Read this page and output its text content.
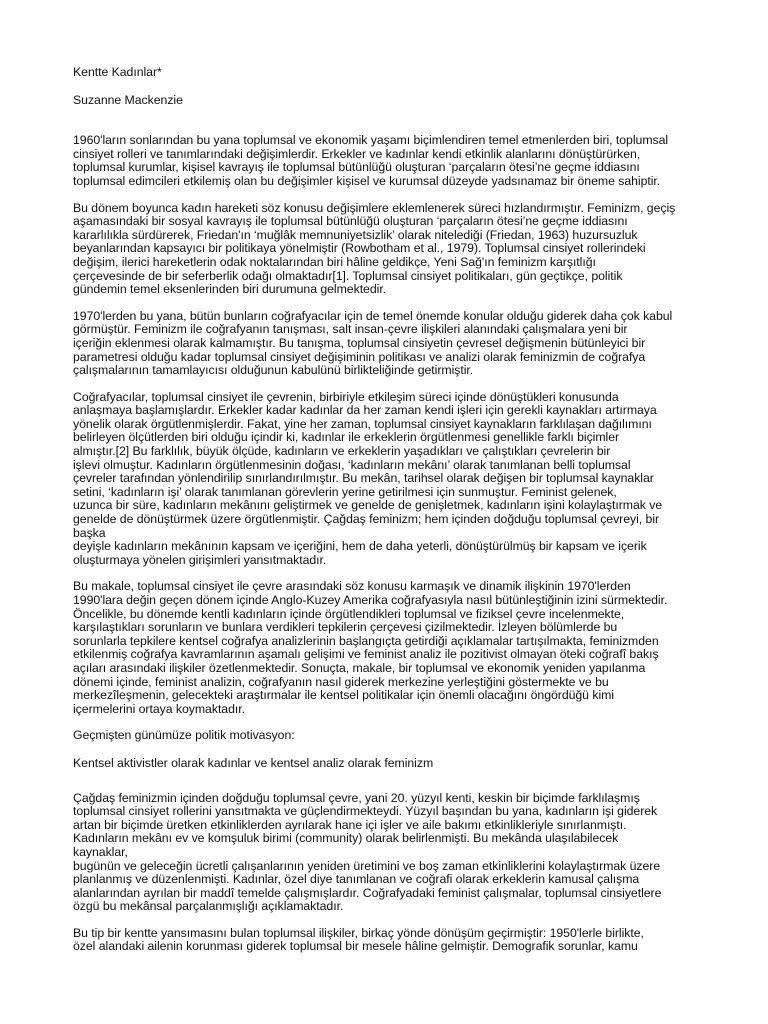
Kentte Kadınlar*
Suzanne Mackenzie
1960'ların sonlarından bu yana toplumsal ve ekonomik yaşamı biçimlendiren temel etmenlerden biri, toplumsal
cinsiyet rolleri ve tanımlarındaki değişimlerdir. Erkekler ve kadınlar kendi etkinlik alanlarını dönüştürürken,
toplumsal kurumlar, kişisel kavrayış ile toplumsal bütünlüğü oluşturan ‘parçaların ötesi’ne geçme iddiasını
toplumsal edimcileri etkilemiş olan bu değişimler kişisel ve kurumsal düzeyde yadsınamaz bir öneme sahiptir.
Bu dönem boyunca kadın hareketi söz konusu değişimlere eklemlenerek süreci hızlandırmıştır. Feminizm, geçiş
aşamasındaki bir sosyal kavrayış ile toplumsal bütünlüğü oluşturan ‘parçaların ötesi’ne geçme iddiasını
kararlılıkla sürdürerek, Friedan'ın ‘muğlâk memnuniyetsizlik’ olarak nitelediği (Friedan, 1963) huzursuzluk
beyanlarından kapsayıcı bir politikaya yönelmiştir (Rowbotham et al., 1979). Toplumsal cinsiyet rollerindeki
değişim, ilerici hareketlerin odak noktalarından biri hâline geldikçe, Yeni Sağ'ın feminizm karşıtlığı
çerçevesinde de bir seferberlik odağı olmaktadır[1]. Toplumsal cinsiyet politikaları, gün geçtikçe, politik
gündemin temel eksenlerinden biri durumuna gelmektedir.
1970'lerden bu yana, bütün bunların coğrafyacılar için de temel önemde konular olduğu giderek daha çok kabul
görmüştür. Feminizm ile coğrafyanın tanışması, salt insan-çevre ilişkileri alanındaki çalışmalara yeni bir
içeriğin eklenmesi olarak kalmamıştır. Bu tanışma, toplumsal cinsiyetin çevresel değişmenin bütünleyici bir
parametresi olduğu kadar toplumsal cinsiyet değişiminin politikası ve analizi olarak feminizmin de coğrafya
çalışmalarının tamamlayıcısı olduğunun kabulünü birlikteliğinde getirmiştir.
Coğrafyacılar, toplumsal cinsiyet ile çevrenin, birbiriyle etkileşim süreci içinde dönüştükleri konusunda
anlaşmaya başlamışlardır. Erkekler kadar kadınlar da her zaman kendi işleri için gerekli kaynakları artırmaya
yönelik olarak örgütlenmişlerdir. Fakat, yine her zaman, toplumsal cinsiyet kaynakların farklılaşan dağılımını
belirleyen ölçütlerden biri olduğu içindir ki, kadınlar ile erkeklerin örgütlenmesi genellikle farklı biçimler
almıştır.[2] Bu farklılık, büyük ölçüde, kadınların ve erkeklerin yaşadıkları ve çalıştıkları çevrelerin bir
işlevi olmuştur. Kadınların örgütlenmesinin doğası, ‘kadınların mekânı’ olarak tanımlanan belli toplumsal
çevreler tarafından yönlendirilip sınırlandırılmıştır. Bu mekân, tarihsel olarak değişen bir toplumsal kaynaklar
setini, ‘kadınların işi’ olarak tanımlanan görevlerin yerine getirilmesi için sunmuştur. Feminist gelenek,
uzunca bir süre, kadınların mekânını geliştirmek ve genelde de genişletmek, kadınların işini kolaylaştırmak ve
genelde de dönüştürmek üzere örgütlenmiştir. Çağdaş feminizm; hem içinden doğduğu toplumsal çevreyi, bir
başka
deyişle kadınların mekânının kapsam ve içeriğini, hem de daha yeterli, dönüştürülmüş bir kapsam ve içerik
oluşturmaya yönelen girişimleri yansıtmaktadır.
Bu makale, toplumsal cinsiyet ile çevre arasındaki söz konusu karmaşık ve dinamik ilişkinin 1970'lerden
1990'lara değin geçen dönem içinde Anglo-Kuzey Amerika coğrafyasıyla nasıl bütünleştiğinin izini sürmektedir.
Öncelikle, bu dönemde kentli kadınların içinde örgütlendikleri toplumsal ve fiziksel çevre incelenmekte,
karşılaştıkları sorunların ve bunlara verdikleri tepkilerin çerçevesi çizilmektedir. İzleyen bölümlerde bu
sorunlarla tepkilere kentsel coğrafya analizlerinin başlangıçta getirdiği açıklamalar tartışılmakta, feminizmden
etkilenmiş coğrafya kavramlarının aşamalı gelişimi ve feminist analiz ile pozitivist olmayan öteki coğrafî bakış
açıları arasındaki ilişkiler özetlenmektedir. Sonuçta, makale, bir toplumsal ve ekonomik yeniden yapılanma
dönemi içinde, feminist analizin, coğrafyanın nasıl giderek merkezine yerleştiğini göstermekte ve bu
merkezîleşmenin, gelecekteki araştırmalar ile kentsel politikalar için önemli olacağını öngördüğü kimi
içermelerini ortaya koymaktadır.
Geçmişten günümüze politik motivasyon:
Kentsel aktivistler olarak kadınlar ve kentsel analiz olarak feminizm
Çağdaş feminizmin içinden doğduğu toplumsal çevre, yani 20. yüzyıl kenti, keskin bir biçimde farklılaşmış
toplumsal cinsiyet rollerini yansıtmakta ve güçlendirmekteydi. Yüzyıl başından bu yana, kadınların işi giderek
artan bir biçimde üretken etkinliklerden ayrılarak hane içi işler ve aile bakımı etkinlikleriyle sınırlanmıştı.
Kadınların mekânı ev ve komşuluk birimi (community) olarak belirlenmişti. Bu mekânda ulaşılabilecek
kaynaklar,
bugünün ve geleceğin ücretli çalışanlarının yeniden üretimini ve boş zaman etkinliklerini kolaylaştırmak üzere
planlanmış ve düzenlenmişti. Kadınlar, özel diye tanımlanan ve coğrafi olarak erkeklerin kamusal çalışma
alanlarından ayrılan bir maddî temelde çalışmışlardır. Coğrafyadaki feminist çalışmalar, toplumsal cinsiyetlere
özgü bu mekânsal parçalanmışlığı açıklamaktadır.
Bu tip bir kentte yansımasını bulan toplumsal ilişkiler, birkaç yönde dönüşüm geçirmiştir: 1950'lerle birlikte,
özel alandaki ailenin korunması giderek toplumsal bir mesele hâline gelmiştir. Demografik sorunlar, kamu
